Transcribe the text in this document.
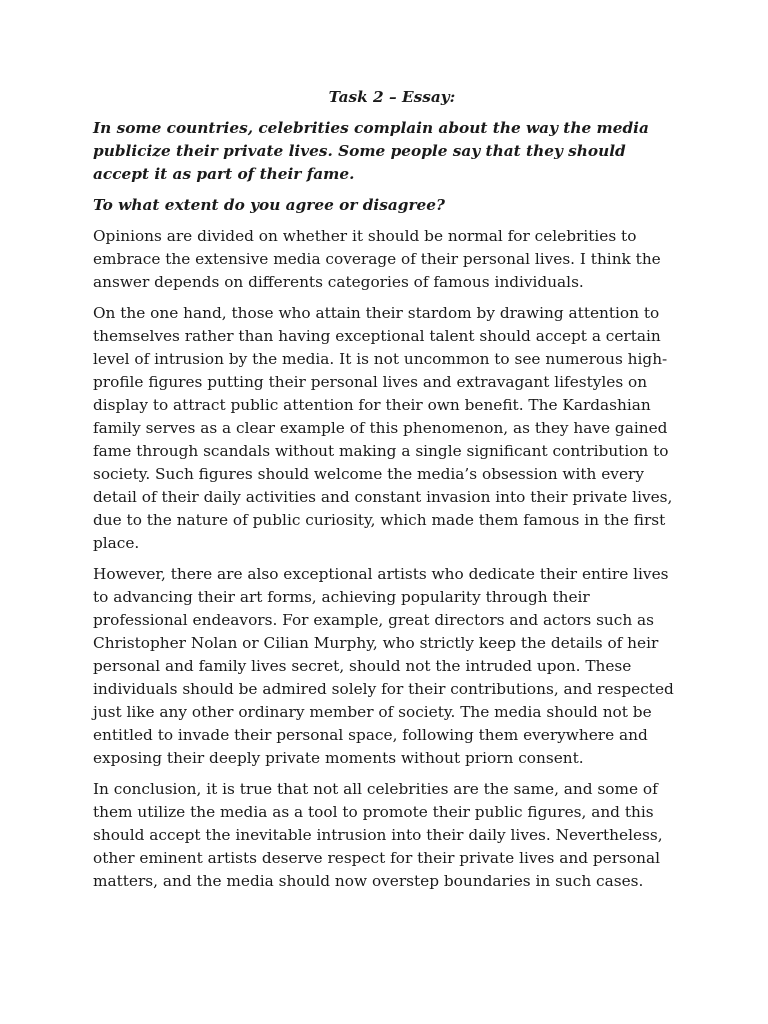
Task 2 – Essay:

In some countries, celebrities complain about the way the media publicize their private lives. Some people say that they should accept it as part of their fame.

To what extent do you agree or disagree?

Opinions are divided on whether it should be normal for celebrities to embrace the extensive media coverage of their personal lives. I think the answer depends on differents categories of famous individuals.

On the one hand, those who attain their stardom by drawing attention to themselves rather than having exceptional talent should accept a certain level of intrusion by the media. It is not uncommon to see numerous high-profile figures putting their personal lives and extravagant lifestyles on display to attract public attention for their own benefit. The Kardashian family serves as a clear example of this phenomenon, as they have gained fame through scandals without making a single significant contribution to society. Such figures should welcome the media’s obsession with every detail of their daily activities and constant invasion into their private lives, due to the nature of public curiosity, which made them famous in the first place.

However, there are also exceptional artists who dedicate their entire lives to advancing their art forms, achieving popularity through their professional endeavors. For example, great directors and actors such as Christopher Nolan or Cilian Murphy, who strictly keep the details of heir personal and family lives secret, should not the intruded upon. These individuals should be admired solely for their contributions, and respected just like any other ordinary member of society. The media should not be entitled to invade their personal space, following them everywhere and exposing their deeply private moments without priorn consent.

In conclusion, it is true that not all celebrities are the same, and some of them utilize the media as a tool to promote their public figures, and this should accept the inevitable intrusion into their daily lives. Nevertheless, other eminent artists deserve respect for their private lives and personal matters, and the media should now overstep boundaries in such cases.
